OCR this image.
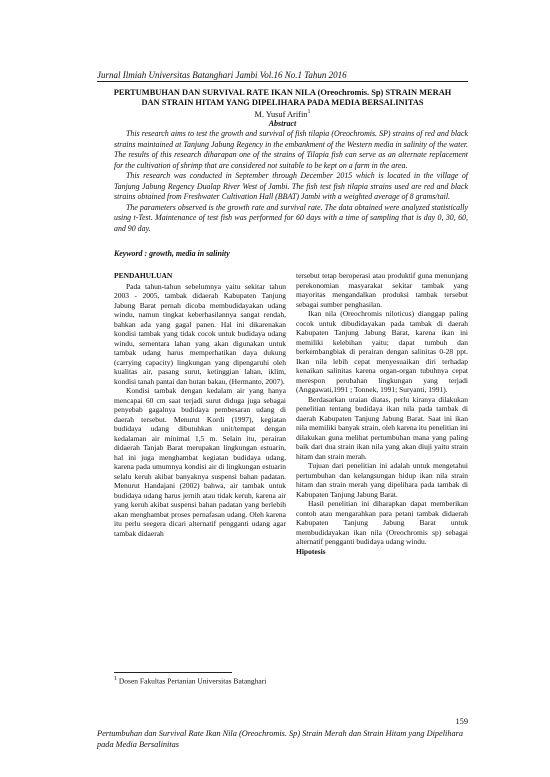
Jurnal Ilmiah Universitas Batanghari Jambi Vol.16 No.1 Tahun 2016
PERTUMBUHAN DAN SURVIVAL RATE IKAN NILA (Oreochromis. Sp) STRAIN MERAH
DAN STRAIN HITAM YANG DIPELIHARA PADA MEDIA BERSALINITAS
M. Yusuf Arifin$^1$
Abstract

This research aims to test the growth and survival of fish tilapia (Oreochromis. SP) strains of red and black strains maintained at Tanjung Jabung Regency in the embankment of the Western media in salinity of the water. The results of this research diharapan one of the strains of Tilapia fish can serve as an alternate replacement for the cultivation of shrimp that are considered not suitable to be kept on a farm in the area.

This research was conducted in September through December 2015 which is located in the village of Tanjung Jabung Regency Dualap River West of Jambi. The fish test fish tilapia strains used are red and black strains obtained from Freshwater Cultivation Hall (BBAT) Jambi with a weighted average of 8 grams/tail.

The parameters observed is the growth rate and survival rate. The data obtained were analyzed statistically using t-Test. Maintenance of test fish was performed for 60 days with a time of sampling that is day 0, 30, 60, and 90 day.

Keyword : growth, media in salinity
PENDAHULUAN

Pada tahun-tahun sebelumnya yaitu sekitar tahun 2003 - 2005, tambak didaerah Kabupaten Tanjung Jabung Barat pernah dicoba membudidayakan udang windu, namun tingkat keberhasilannya sangat rendah, bahkan ada yang gagal panen. Hal ini dikarenakan kondisi tambak yang tidak cocok untuk budidaya udang windu, sementara lahan yang akan digunakan untuk tambak udang harus memperhatikan daya dukung (carrying capacity) lingkungan yang dipengaruhi oleh kualitas air, pasang surut, ketinggian lahan, iklim, kondisi tanah pantai dan hutan bakau, (Hermanto, 2007).

Kondisi tambak dengan kedalam air yang hanya mencapai 60 cm saat terjadi surut diduga juga sebagai penyebab gagalnya budidaya pembesaran udang di daerah tersebut. Menurut Kordi (1997), kegiatan budidaya udang dibutuhkan unit/tempat dengan kedalaman air minimal 1,5 m. Selain itu, perairan didaerah Tanjab Barat merupakan lingkungan estuarin, hal ini juga menghambat kegiatan budidaya udang, karena pada umumnya kondisi air di lingkungan estuarin selalu keruh akibat banyaknya suspensi bahan padatan. Menurut Handajani (2002) bahwa, air tambak untuk budidaya udang harus jernih atau tidak keruh, karena air yang keruh akibat suspensi bahan padatan yang berlebih akan menghambat proses pernafasan udang. Oleh karena itu perlu seegera dicari alternatif pengganti udang agar tambak didaerah

tersebut tetap beroperasi atau produktif guna menunjang perekonomian masyarakat sekitar tambak yang mayoritas mengandalkan produksi tambak tersebut sebagai sumber penghasilan.

Ikan nila (Oreochromis niloticus) dianggap paling cocok untuk dibudidayakan pada tambak di daerah Kabupaten Tanjung Jabung Barat, karena ikan ini memiliki kelebihan yaitu; dapat tumbuh dan berkembangbiak di perairan dengan salinitas 0-28 ppt. Ikan nila lebih cepat menyesuaikan diri terhadap kenaikan salinitas karena organ-organ tubuhnya cepat merespon perubahan lingkungan yang terjadi (Anggawati,1991 ; Tonnek, 1991; Suryanti, 1991).

Berdasarkan uraian diatas, perlu kiranya dilakukan penelitian tentang budidaya ikan nila pada tambak di daerah Kabupaten Tanjung Jabung Barat. Saat ini ikan nila memiliki banyak strain, oleh karena itu penelitian ini dilakukan guna melihat pertumbuhan mana yang paling baik dari dua strain ikan nila yang akan diuji yaitu strain hitam dan strain merah.

Tujuan dari penelitian ini adalah untuk mengetahui pertumbuhan dan kelangsungan hidup ikan nila strain hitam dan strain merah yang dipelihara pada tambak di Kabupaten Tanjung Jabung Barat.

Hasil penelitian ini diharapkan dapat memberikan contoh atau mengarahkan para petani tambak didaerah Kabupaten Tanjung Jabung Barat untuk membudidayakan ikan nila (Oreochromis sp) sebagai alternatif pengganti budidaya udang windu.

Hipotesis
$^1$ Dosen Fakultas Pertanian Universitas Batanghari
159
Pertumbuhan dan Survival Rate Ikan Nila (Oreochromis. Sp) Strain Merah dan Strain Hitam yang Dipelihara pada Media Bersalinitas
